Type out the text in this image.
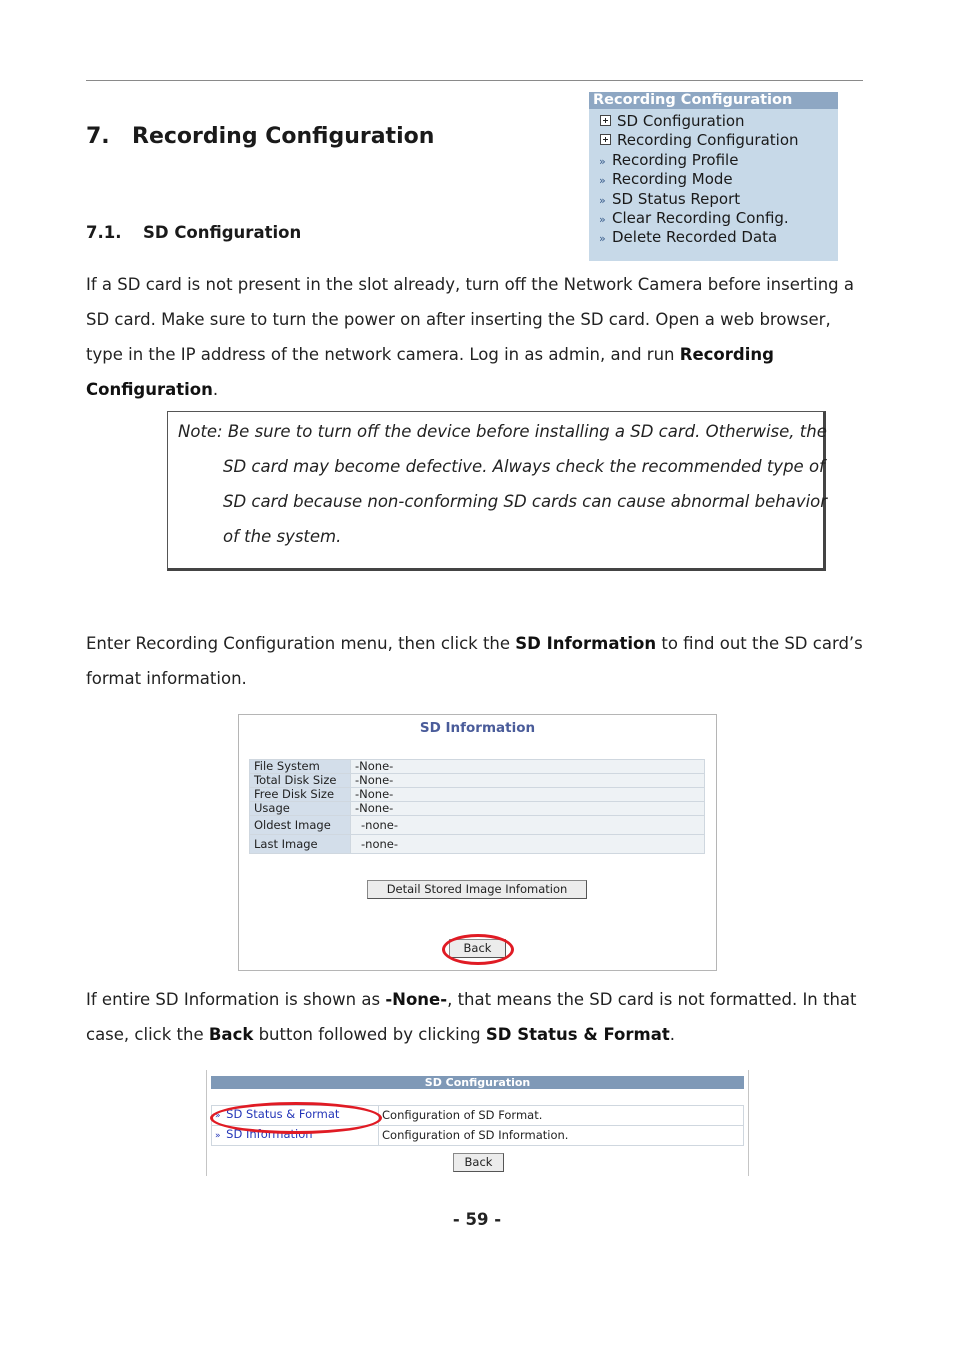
7. Recording Configuration
7.1. SD Configuration
Recording Configuration
SD Configuration
Recording Configuration
» Recording Profile
» Recording Mode
» SD Status Report
» Clear Recording Config.
» Delete Recorded Data
If a SD card is not present in the slot already, turn off the Network Camera before inserting a SD card. Make sure to turn the power on after inserting the SD card. Open a web browser, type in the IP address of the network camera. Log in as admin, and run Recording Configuration.
Note: Be sure to turn off the device before installing a SD card. Otherwise, the
SD card may become defective. Always check the recommended type of
SD card because non-conforming SD cards can cause abnormal behavior
of the system.
Enter Recording Configuration menu, then click the SD Information to find out the SD card’s format information.
SD Information
File System	-None-
Total Disk Size	-None-
Free Disk Size	-None-
Usage	-None-
Oldest Image	-none-
Last Image	-none-
Detail Stored Image Infomation
Back
If entire SD Information is shown as -None-, that means the SD card is not formatted. In that case, click the Back button followed by clicking SD Status & Format.
SD Configuration
» SD Status & Format	Configuration of SD Format.
» SD Information	Configuration of SD Information.
Back
- 59 -
